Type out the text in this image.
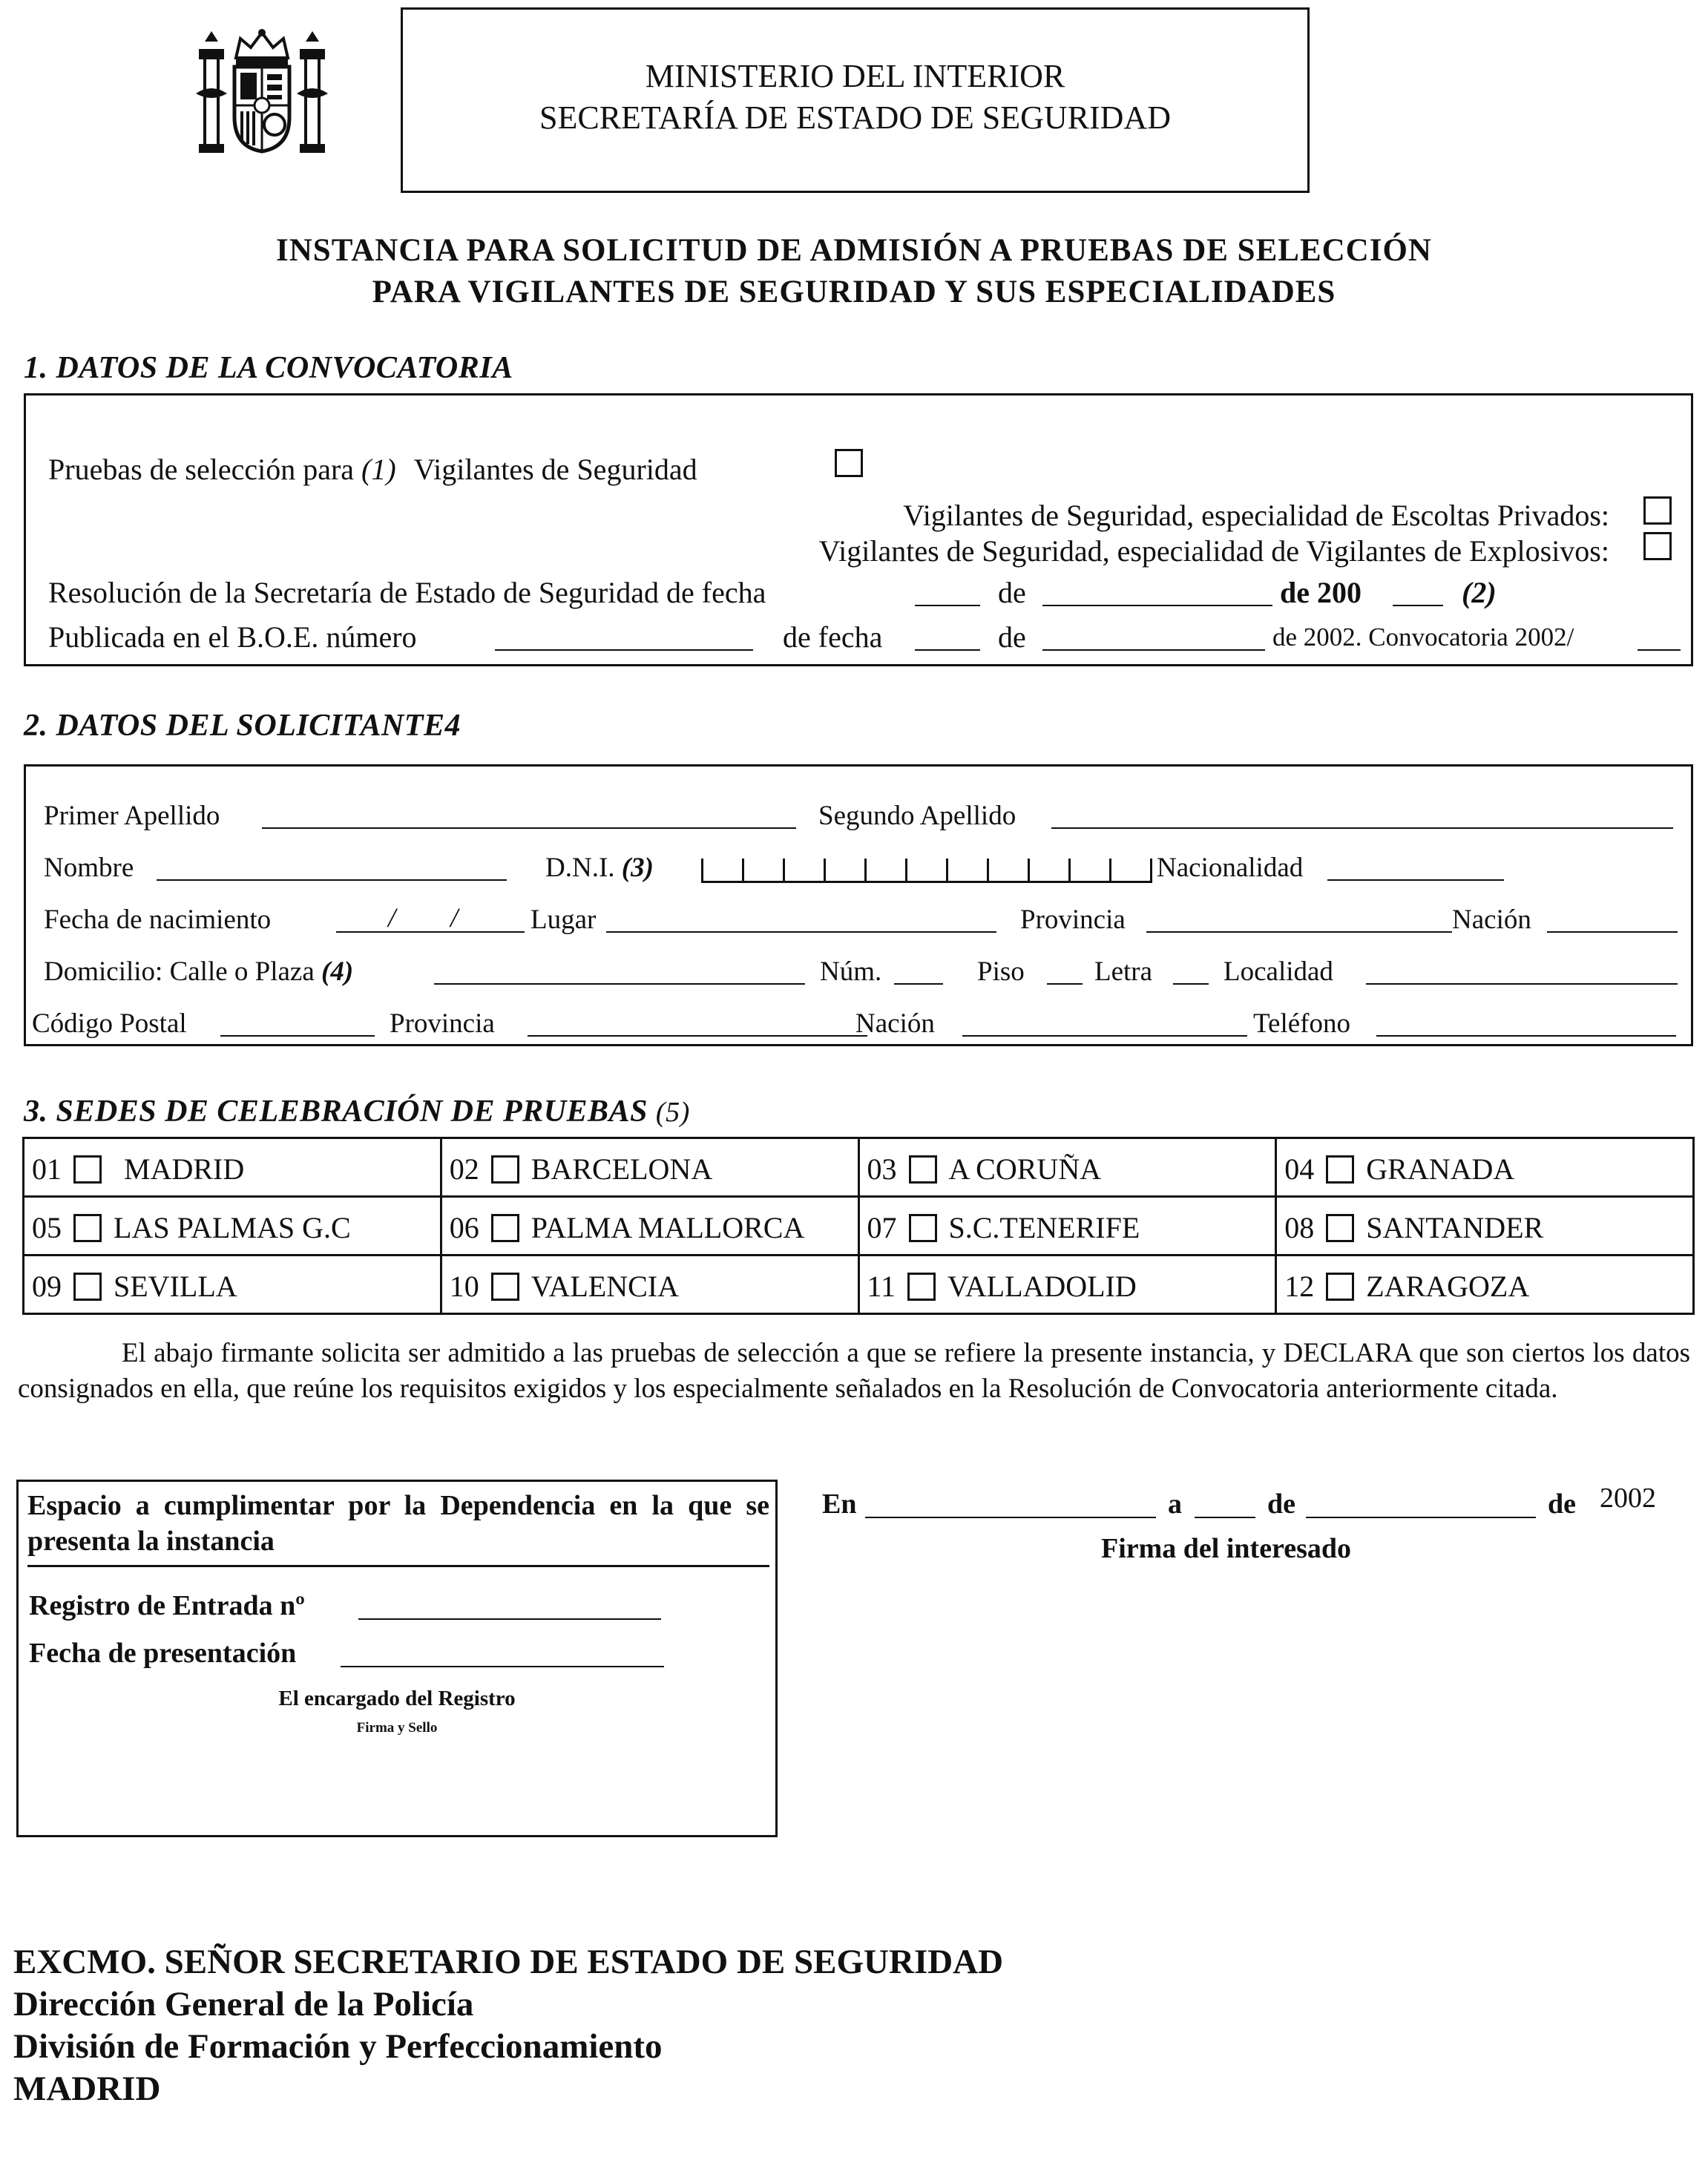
MINISTERIO DEL INTERIOR
SECRETARÍA DE ESTADO DE SEGURIDAD
INSTANCIA PARA SOLICITUD DE ADMISIÓN A PRUEBAS DE SELECCIÓN
PARA VIGILANTES DE SEGURIDAD Y SUS ESPECIALIDADES
1. DATOS DE LA CONVOCATORIA
Pruebas de selección para (1) Vigilantes de Seguridad
Vigilantes de Seguridad, especialidad de Escoltas Privados:
Vigilantes de Seguridad, especialidad de Vigilantes de Explosivos:
Resolución de la Secretaría de Estado de Seguridad de fecha	de	de 200	(2)
Publicada en el B.O.E. número	de fecha	de	de 2002. Convocatoria 2002/
2. DATOS DEL SOLICITANTE4
Primer Apellido	Segundo Apellido
Nombre	D.N.I. (3)	Nacionalidad
Fecha de nacimiento	/ /	Lugar	Provincia	Nación
Domicilio: Calle o Plaza (4)	Núm.	Piso	Letra	Localidad
Código Postal	Provincia	Nación	Teléfono
3. SEDES DE CELEBRACIÓN DE PRUEBAS (5)
01 MADRID	02 BARCELONA	03 A CORUÑA	04 GRANADA

05 LAS PALMAS G.C	06 PALMA MALLORCA	07 S.C.TENERIFE	08 SANTANDER

09 SEVILLA	10 VALENCIA	11 VALLADOLID	12 ZARAGOZA
El abajo firmante solicita ser admitido a las pruebas de selección a que se refiere la presente instancia, y DECLARA que son ciertos los datos consignados en ella, que reúne los requisitos exigidos y los especialmente señalados en la Resolución de Convocatoria anteriormente citada.
Espacio a cumplimentar por la Dependencia en la que se presenta la instancia
Registro de Entrada nº
Fecha de presentación
El encargado del Registro
Firma y Sello
En	a	de	de 2002
Firma del interesado
EXCMO. SEÑOR SECRETARIO DE ESTADO DE SEGURIDAD
Dirección General de la Policía
División de Formación y Perfeccionamiento
MADRID
